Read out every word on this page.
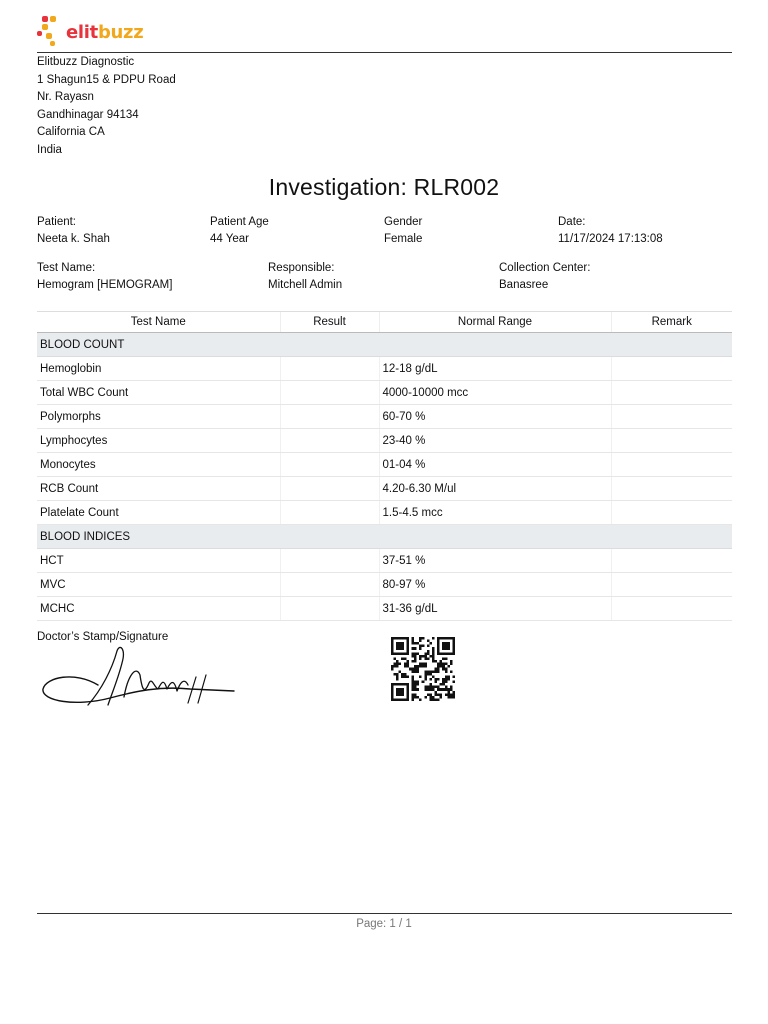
elitbuzz
Elitbuzz Diagnostic
1 Shagun15 & PDPU Road
Nr. Rayasn
Gandhinagar 94134
California CA
India
Investigation: RLR002
Patient:
Neeta k. Shah
Patient Age
44 Year
Gender
Female
Date:
11/17/2024 17:13:08
Test Name:
Hemogram [HEMOGRAM]
Responsible:
Mitchell Admin
Collection Center:
Banasree
Test Name	Result	Normal Range	Remark
BLOOD COUNT			
Hemoglobin		12-18 g/dL	
Total WBC Count		4000-10000 mcc	
Polymorphs		60-70 %	
Lymphocytes		23-40 %	
Monocytes		01-04 %	
RCB Count		4.20-6.30 M/ul	
Platelate Count		1.5-4.5 mcc	
BLOOD INDICES			
HCT		37-51 %	
MVC		80-97 %	
MCHC		31-36 g/dL	
Doctor’s Stamp/Signature
Page: 1 / 1
